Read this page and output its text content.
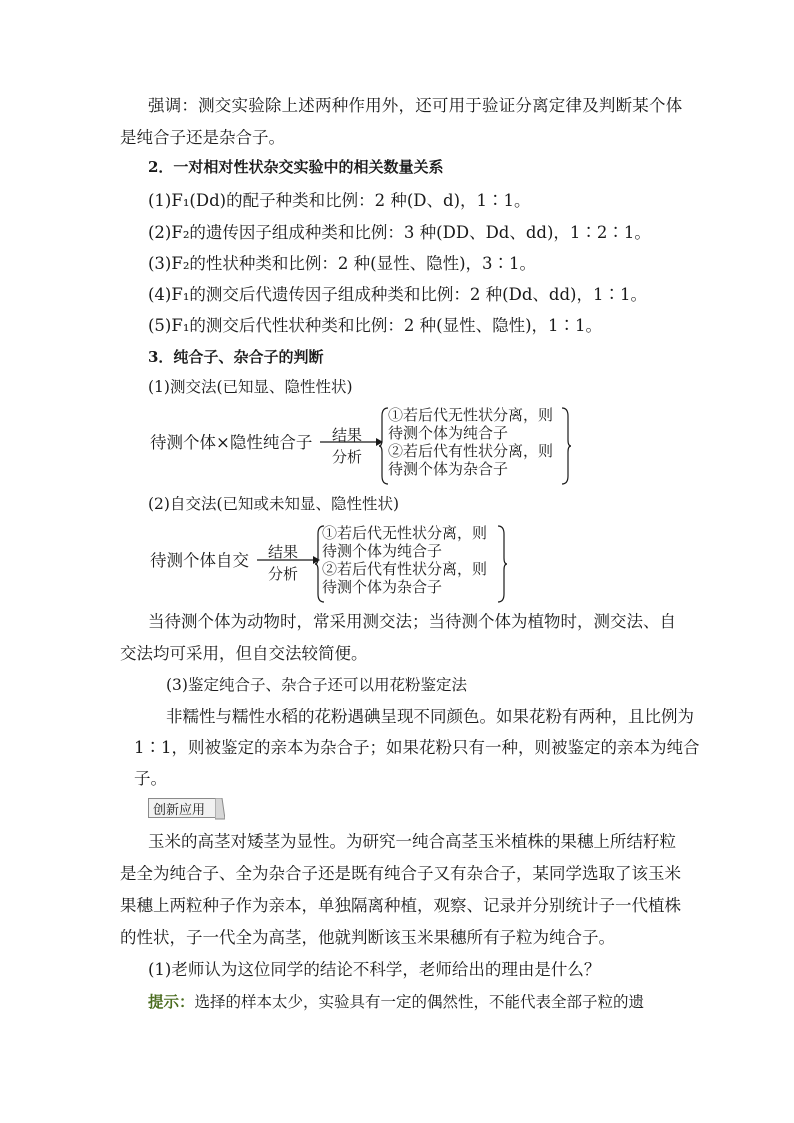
强调：测交实验除上述两种作用外，还可用于验证分离定律及判断某个体
是纯合子还是杂合子。
2．一对相对性状杂交实验中的相关数量关系
(1)F₁(Dd)的配子种类和比例：2 种(D、d)，1∶1。
(2)F₂的遗传因子组成种类和比例：3 种(DD、Dd、dd)，1∶2∶1。
(3)F₂的性状种类和比例：2 种(显性、隐性)，3∶1。
(4)F₁的测交后代遗传因子组成种类和比例：2 种(Dd、dd)，1∶1。
(5)F₁的测交后代性状种类和比例：2 种(显性、隐性)，1∶1。
3．纯合子、杂合子的判断
(1)测交法(已知显、隐性性状)
待测个体×隐性纯合子 结果
分析
①若后代无性状分离，则
待测个体为纯合子
②若后代有性状分离，则
待测个体为杂合子
(2)自交法(已知或未知显、隐性性状)
待测个体自交 结果
分析
①若后代无性状分离，则
待测个体为纯合子
②若后代有性状分离，则
待测个体为杂合子
当待测个体为动物时，常采用测交法；当待测个体为植物时，测交法、自
交法均可采用，但自交法较简便。
(3)鉴定纯合子、杂合子还可以用花粉鉴定法
非糯性与糯性水稻的花粉遇碘呈现不同颜色。如果花粉有两种，且比例为
1∶1，则被鉴定的亲本为杂合子；如果花粉只有一种，则被鉴定的亲本为纯合
子。
创新应用
玉米的高茎对矮茎为显性。为研究一纯合高茎玉米植株的果穗上所结籽粒
是全为纯合子、全为杂合子还是既有纯合子又有杂合子，某同学选取了该玉米
果穗上两粒种子作为亲本，单独隔离种植，观察、记录并分别统计子一代植株
的性状，子一代全为高茎，他就判断该玉米果穗所有子粒为纯合子。
(1)老师认为这位同学的结论不科学，老师给出的理由是什么？
提示：选择的样本太少，实验具有一定的偶然性，不能代表全部子粒的遗
